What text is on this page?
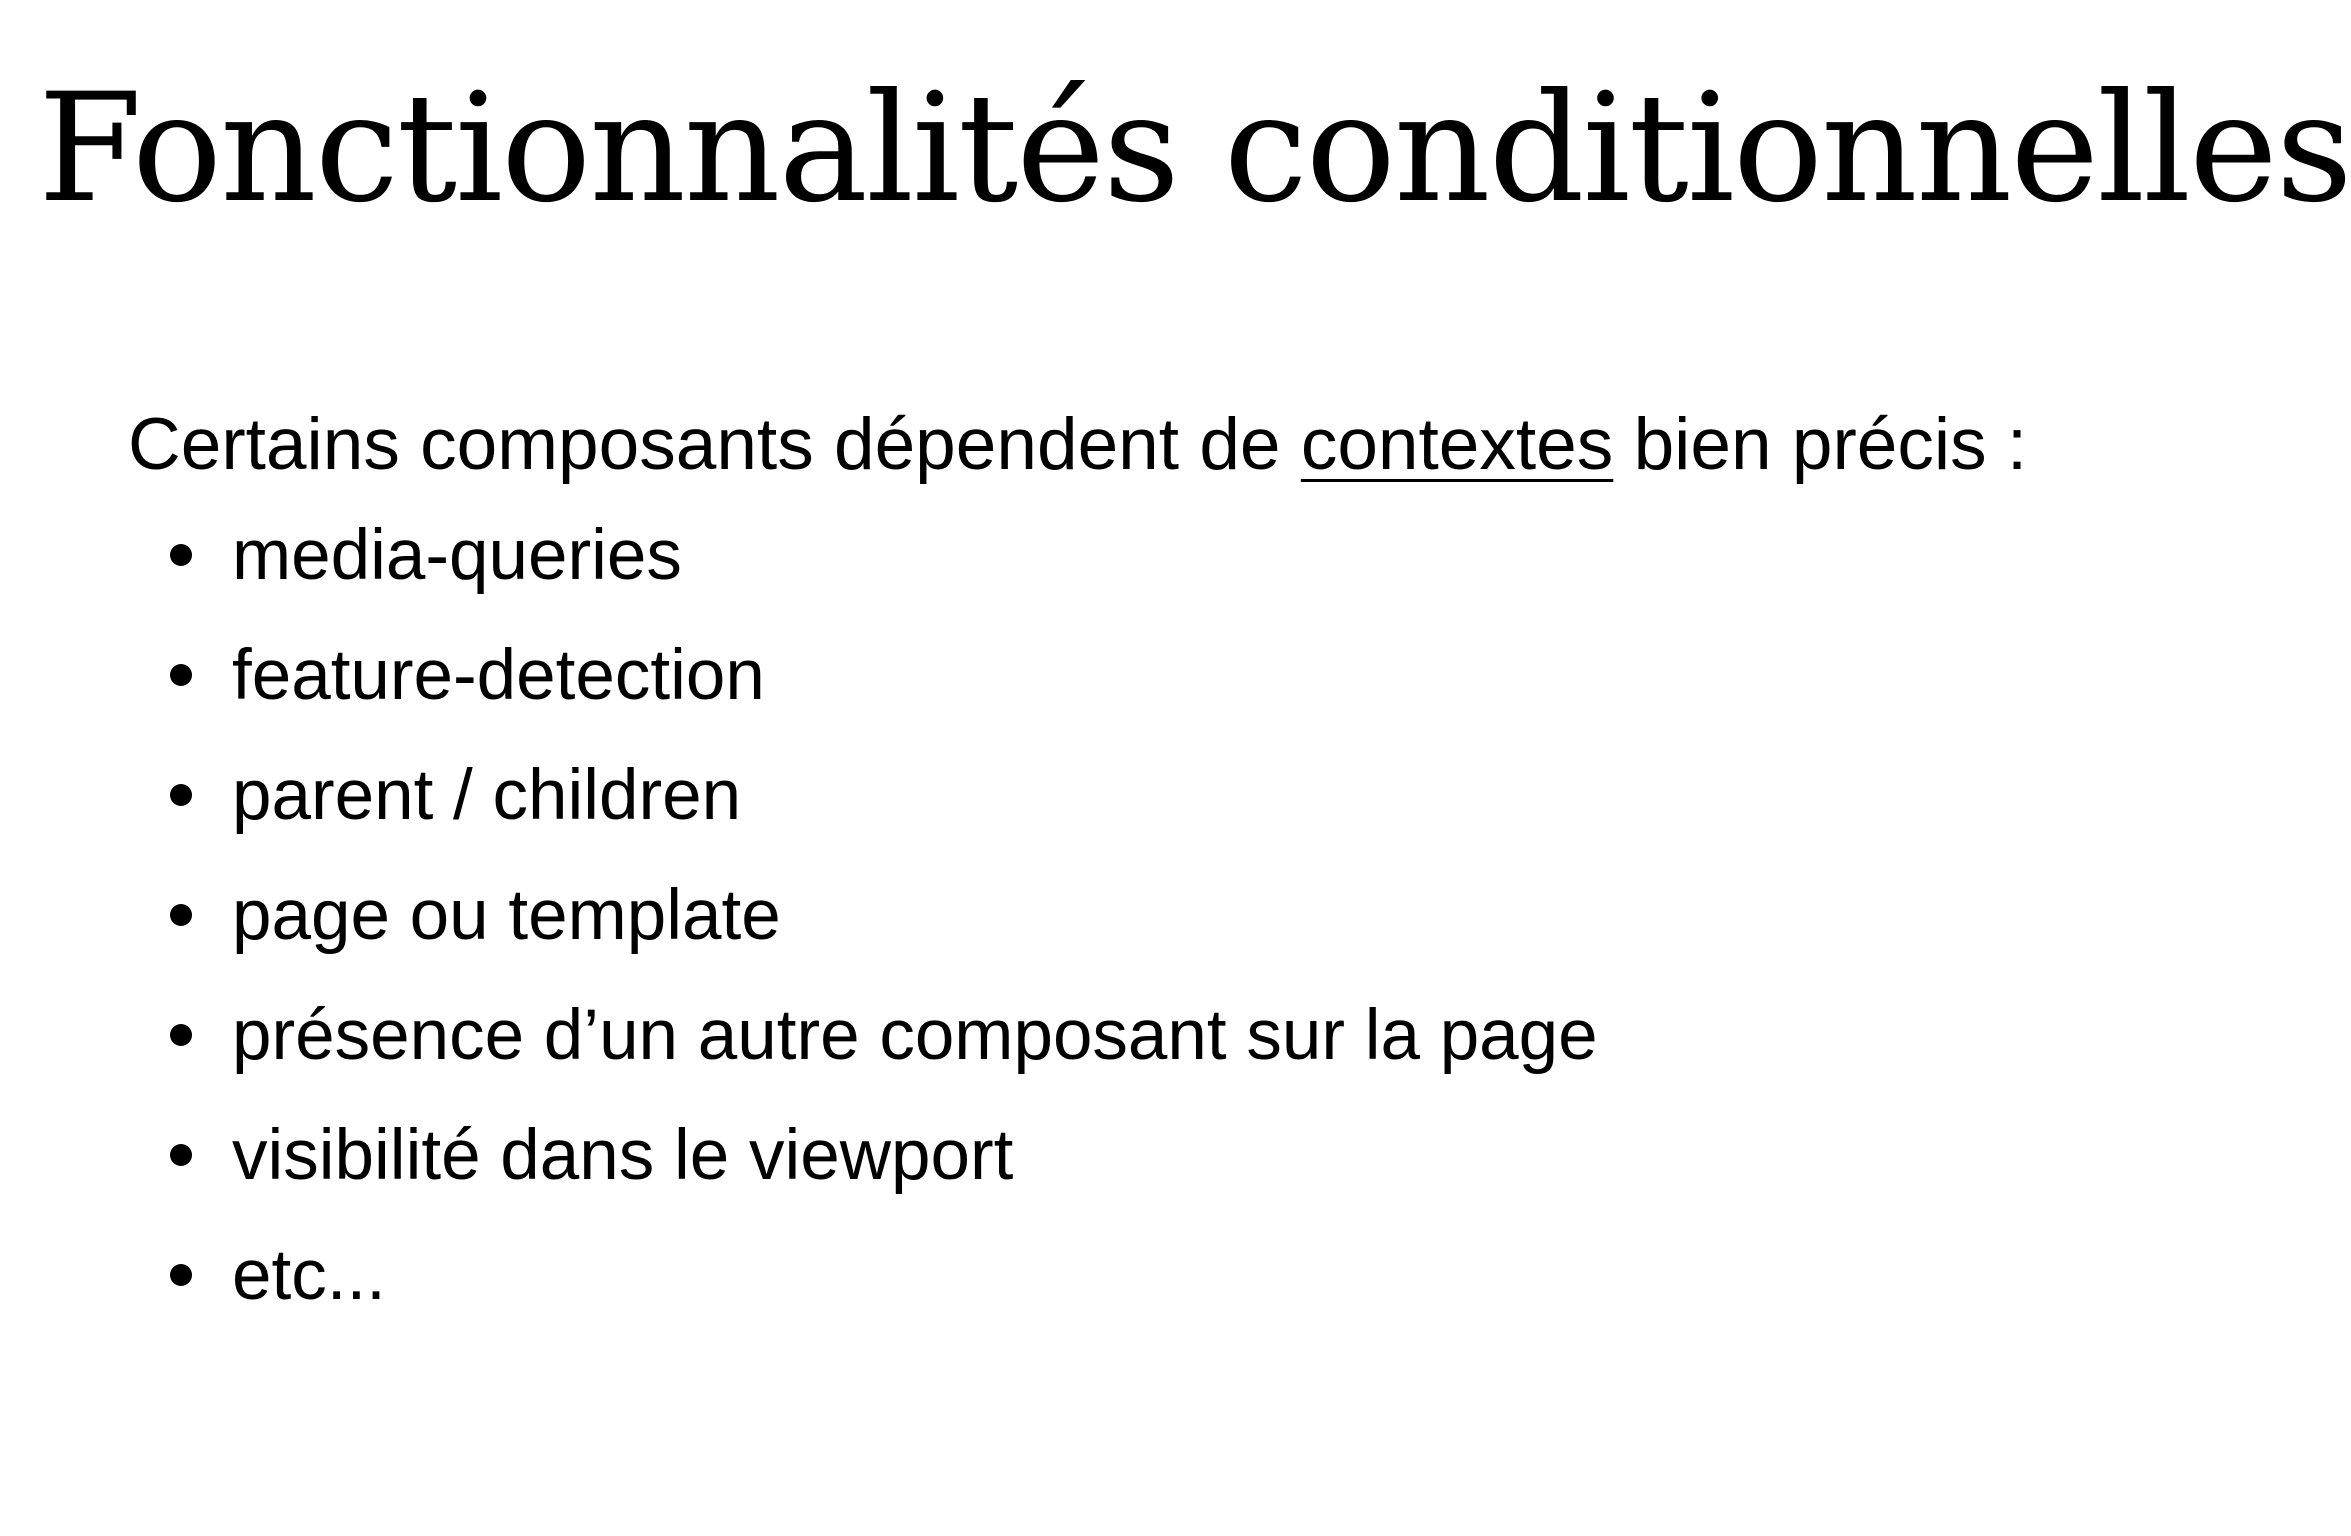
Fonctionnalités conditionnelles

Certains composants dépendent de contextes bien précis :

media-queries
feature-detection
parent / children
page ou template
présence d’un autre composant sur la page
visibilité dans le viewport
etc...
